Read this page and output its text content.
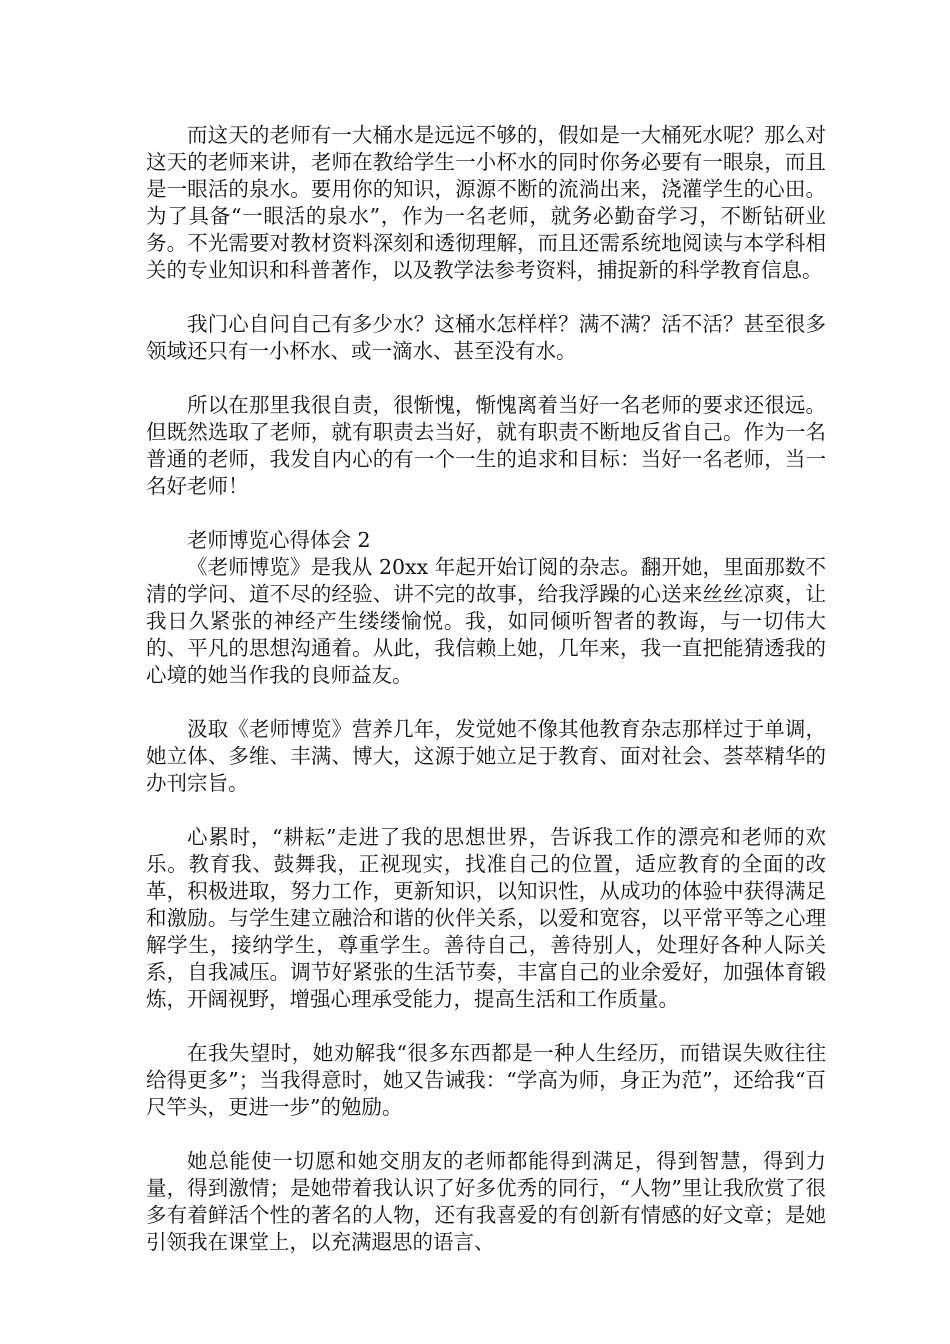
而这天的老师有一大桶水是远远不够的，假如是一大桶死水呢？那么对这天的老师来讲，老师在教给学生一小杯水的同时你务必要有一眼泉，而且是一眼活的泉水。要用你的知识，源源不断的流淌出来，浇灌学生的心田。为了具备“一眼活的泉水”，作为一名老师，就务必勤奋学习，不断钻研业务。不光需要对教材资料深刻和透彻理解，而且还需系统地阅读与本学科相关的专业知识和科普著作，以及教学法参考资料，捕捉新的科学教育信息。

我门心自问自己有多少水？这桶水怎样样？满不满？活不活？甚至很多领域还只有一小杯水、或一滴水、甚至没有水。

所以在那里我很自责，很惭愧，惭愧离着当好一名老师的要求还很远。但既然选取了老师，就有职责去当好，就有职责不断地反省自己。作为一名普通的老师，我发自内心的有一个一生的追求和目标：当好一名老师，当一名好老师！

老师博览心得体会 2

《老师博览》是我从 20xx 年起开始订阅的杂志。翻开她，里面那数不清的学问、道不尽的经验、讲不完的故事，给我浮躁的心送来丝丝凉爽，让我日久紧张的神经产生缕缕愉悦。我，如同倾听智者的教诲，与一切伟大的、平凡的思想沟通着。从此，我信赖上她，几年来，我一直把能猜透我的心境的她当作我的良师益友。

汲取《老师博览》营养几年，发觉她不像其他教育杂志那样过于单调，她立体、多维、丰满、博大，这源于她立足于教育、面对社会、荟萃精华的办刊宗旨。

心累时，“耕耘”走进了我的思想世界，告诉我工作的漂亮和老师的欢乐。教育我、鼓舞我，正视现实，找准自己的位置，适应教育的全面的改革，积极进取，努力工作，更新知识，以知识性，从成功的体验中获得满足和激励。与学生建立融洽和谐的伙伴关系，以爱和宽容，以平常平等之心理解学生，接纳学生，尊重学生。善待自己，善待别人，处理好各种人际关系，自我减压。调节好紧张的生活节奏，丰富自己的业余爱好，加强体育锻炼，开阔视野，增强心理承受能力，提高生活和工作质量。

在我失望时，她劝解我“很多东西都是一种人生经历，而错误失败往往给得更多”；当我得意时，她又告诫我：“学高为师，身正为范”，还给我“百尺竿头，更进一步”的勉励。

她总能使一切愿和她交朋友的老师都能得到满足，得到智慧，得到力量，得到激情；是她带着我认识了好多优秀的同行，“人物”里让我欣赏了很多有着鲜活个性的著名的人物，还有我喜爱的有创新有情感的好文章；是她引领我在课堂上，以充满遐思的语言、
